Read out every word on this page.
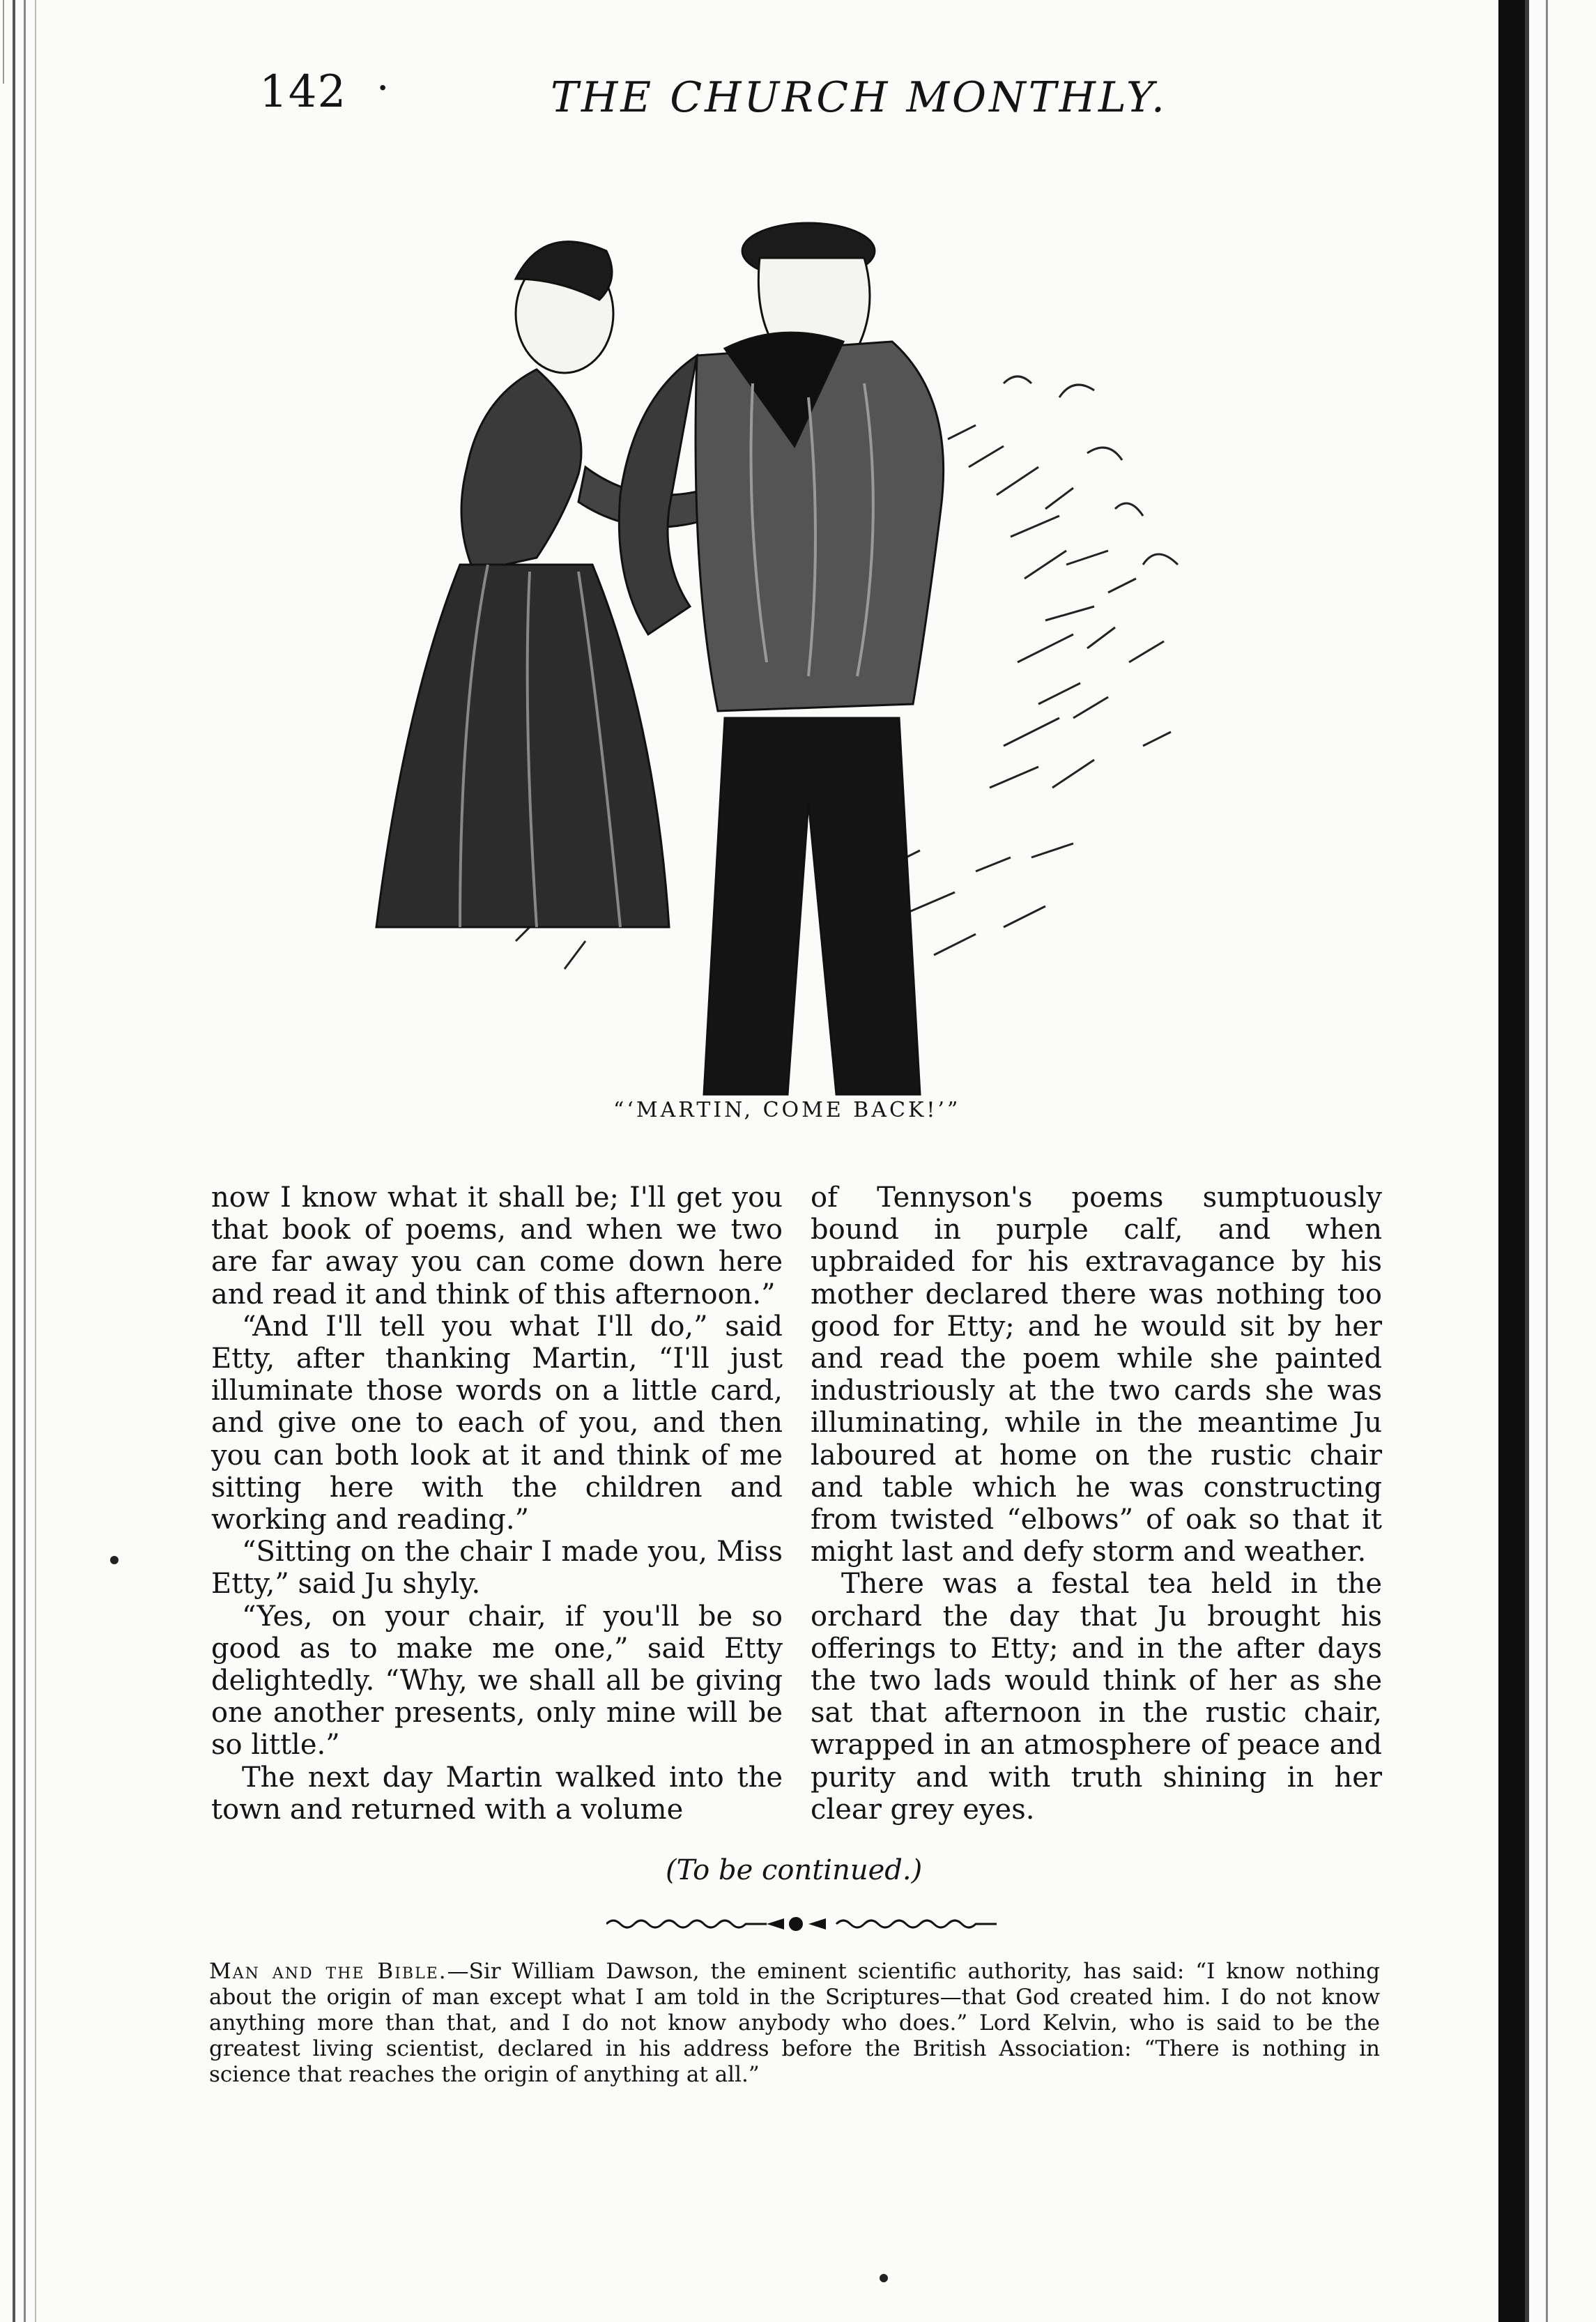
142 ·	THE CHURCH MONTHLY.
“‘MARTIN, COME BACK!’”

now I know what it shall be; I'll get you that book of poems, and when we two are far away you can come down here and read it and think of this afternoon.”

“And I'll tell you what I'll do,” said Etty, after thanking Martin, “I'll just illuminate those words on a little card, and give one to each of you, and then you can both look at it and think of me sitting here with the children and working and reading.”

“Sitting on the chair I made you, Miss Etty,” said Ju shyly.

“Yes, on your chair, if you'll be so good as to make me one,” said Etty delightedly. “Why, we shall all be giving one another presents, only mine will be so little.”

The next day Martin walked into the town and returned with a volume

of Tennyson's poems sumptuously bound in purple calf, and when upbraided for his extravagance by his mother declared there was nothing too good for Etty; and he would sit by her and read the poem while she painted industriously at the two cards she was illuminating, while in the meantime Ju laboured at home on the rustic chair and table which he was constructing from twisted “elbows” of oak so that it might last and defy storm and weather.

There was a festal tea held in the orchard the day that Ju brought his offerings to Etty; and in the after days the two lads would think of her as she sat that afternoon in the rustic chair, wrapped in an atmosphere of peace and purity and with truth shining in her clear grey eyes.

(To be continued.)
Man and the Bible.—Sir William Dawson, the eminent scientific authority, has said: “I know nothing about the origin of man except what I am told in the Scriptures—that God created him. I do not know anything more than that, and I do not know anybody who does.” Lord Kelvin, who is said to be the greatest living scientist, declared in his address before the British Association: “There is nothing in science that reaches the origin of anything at all.”
